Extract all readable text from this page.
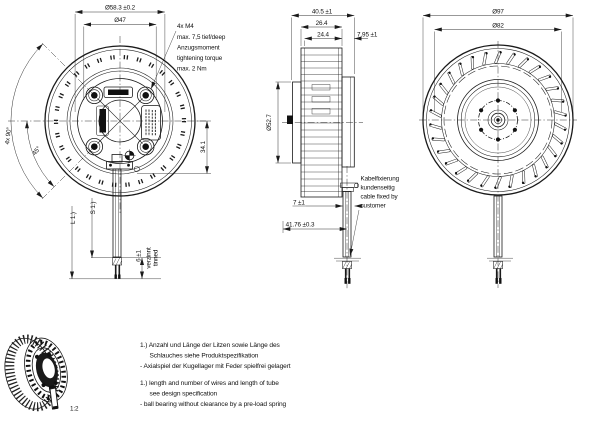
Ø58.3 ±0.2
Ø47
4x M4
max. 7,5 tief/deep
Anzugsmoment
tightening torque
max. 2 Nm
4x 90°
45°	34.1
L 1.)
S 1.)
6 ±1 verzinnt tinned
40.5 ±1
26.4
24.4	7.95 ±1
Ø52.7
7 ±1
41.76 ±0.3
Kabelfixierung
kundenseitig
cable fixed by
customer
Ø97
Ø82
1:2
1.) Anzahl und Länge der Litzen sowie Länge des
Schlauches siehe Produktspezifikation
- Axialspiel der Kugellager mit Feder spielfrei gelagert
1.) length and number of wires and length of tube
see design specification
- ball bearing without clearance by a pre-load spring
